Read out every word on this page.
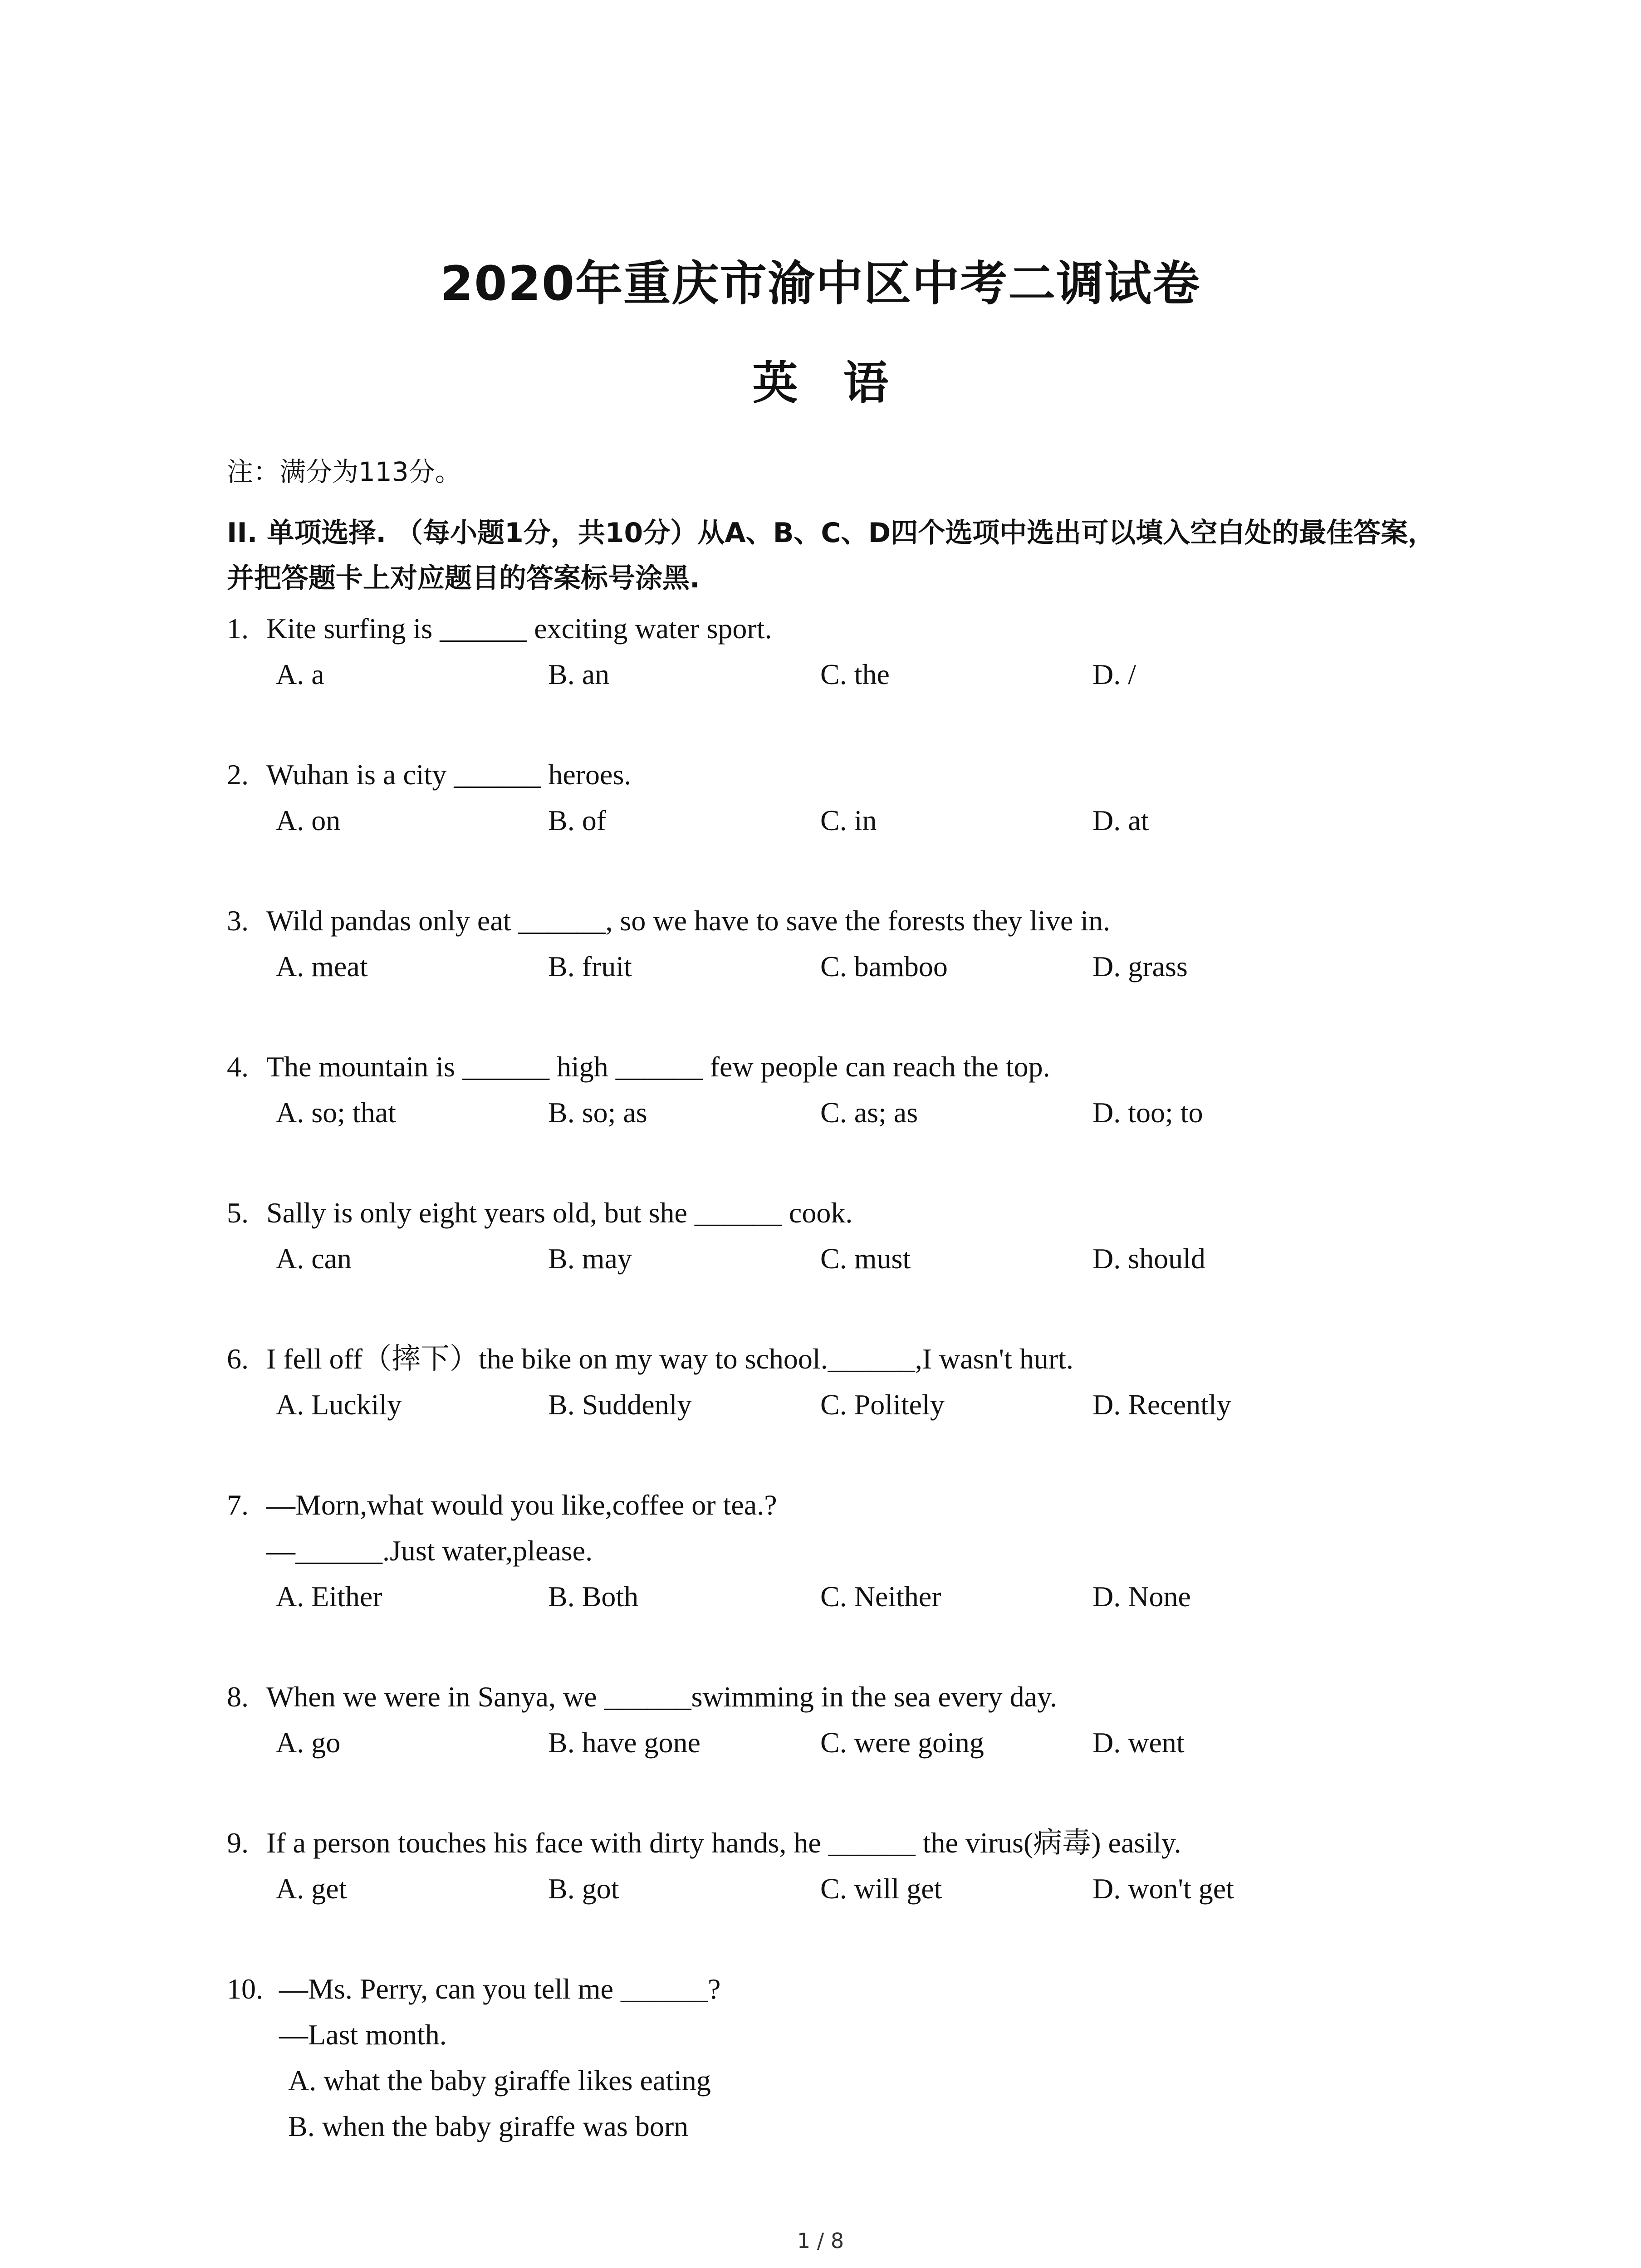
2020年重庆市渝中区中考二调试卷
英　语
注：满分为113分。
II. 单项选择. （每小题1分，共10分）从A、B、C、D四个选项中选出可以填入空白处的最佳答案，并把答题卡上对应题目的答案标号涂黑.
1. Kite surfing is ______ exciting water sport.
A. a	B. an	C. the	D. /
2. Wuhan is a city ______ heroes.
A. on	B. of	C. in	D. at
3. Wild pandas only eat ______, so we have to save the forests they live in.
A. meat	B. fruit	C. bamboo	D. grass
4. The mountain is ______ high ______ few people can reach the top.
A. so; that	B. so; as	C. as; as	D. too; to
5. Sally is only eight years old, but she ______ cook.
A. can	B. may	C. must	D. should
6. I fell off（摔下）the bike on my way to school.______,I wasn't hurt.
A. Luckily	B. Suddenly	C. Politely	D. Recently
7. —Morn,what would you like,coffee or tea.?
—______.Just water,please.
A. Either	B. Both	C. Neither	D. None
8. When we were in Sanya, we ______swimming in the sea every day.
A. go	B. have gone	C. were going	D. went
9. If a person touches his face with dirty hands, he ______ the virus(病毒) easily.
A. get	B. got	C. will get	D. won't get
10. —Ms. Perry, can you tell me ______?
—Last month.
A. what the baby giraffe likes eating
B. when the baby giraffe was born
1 / 8
